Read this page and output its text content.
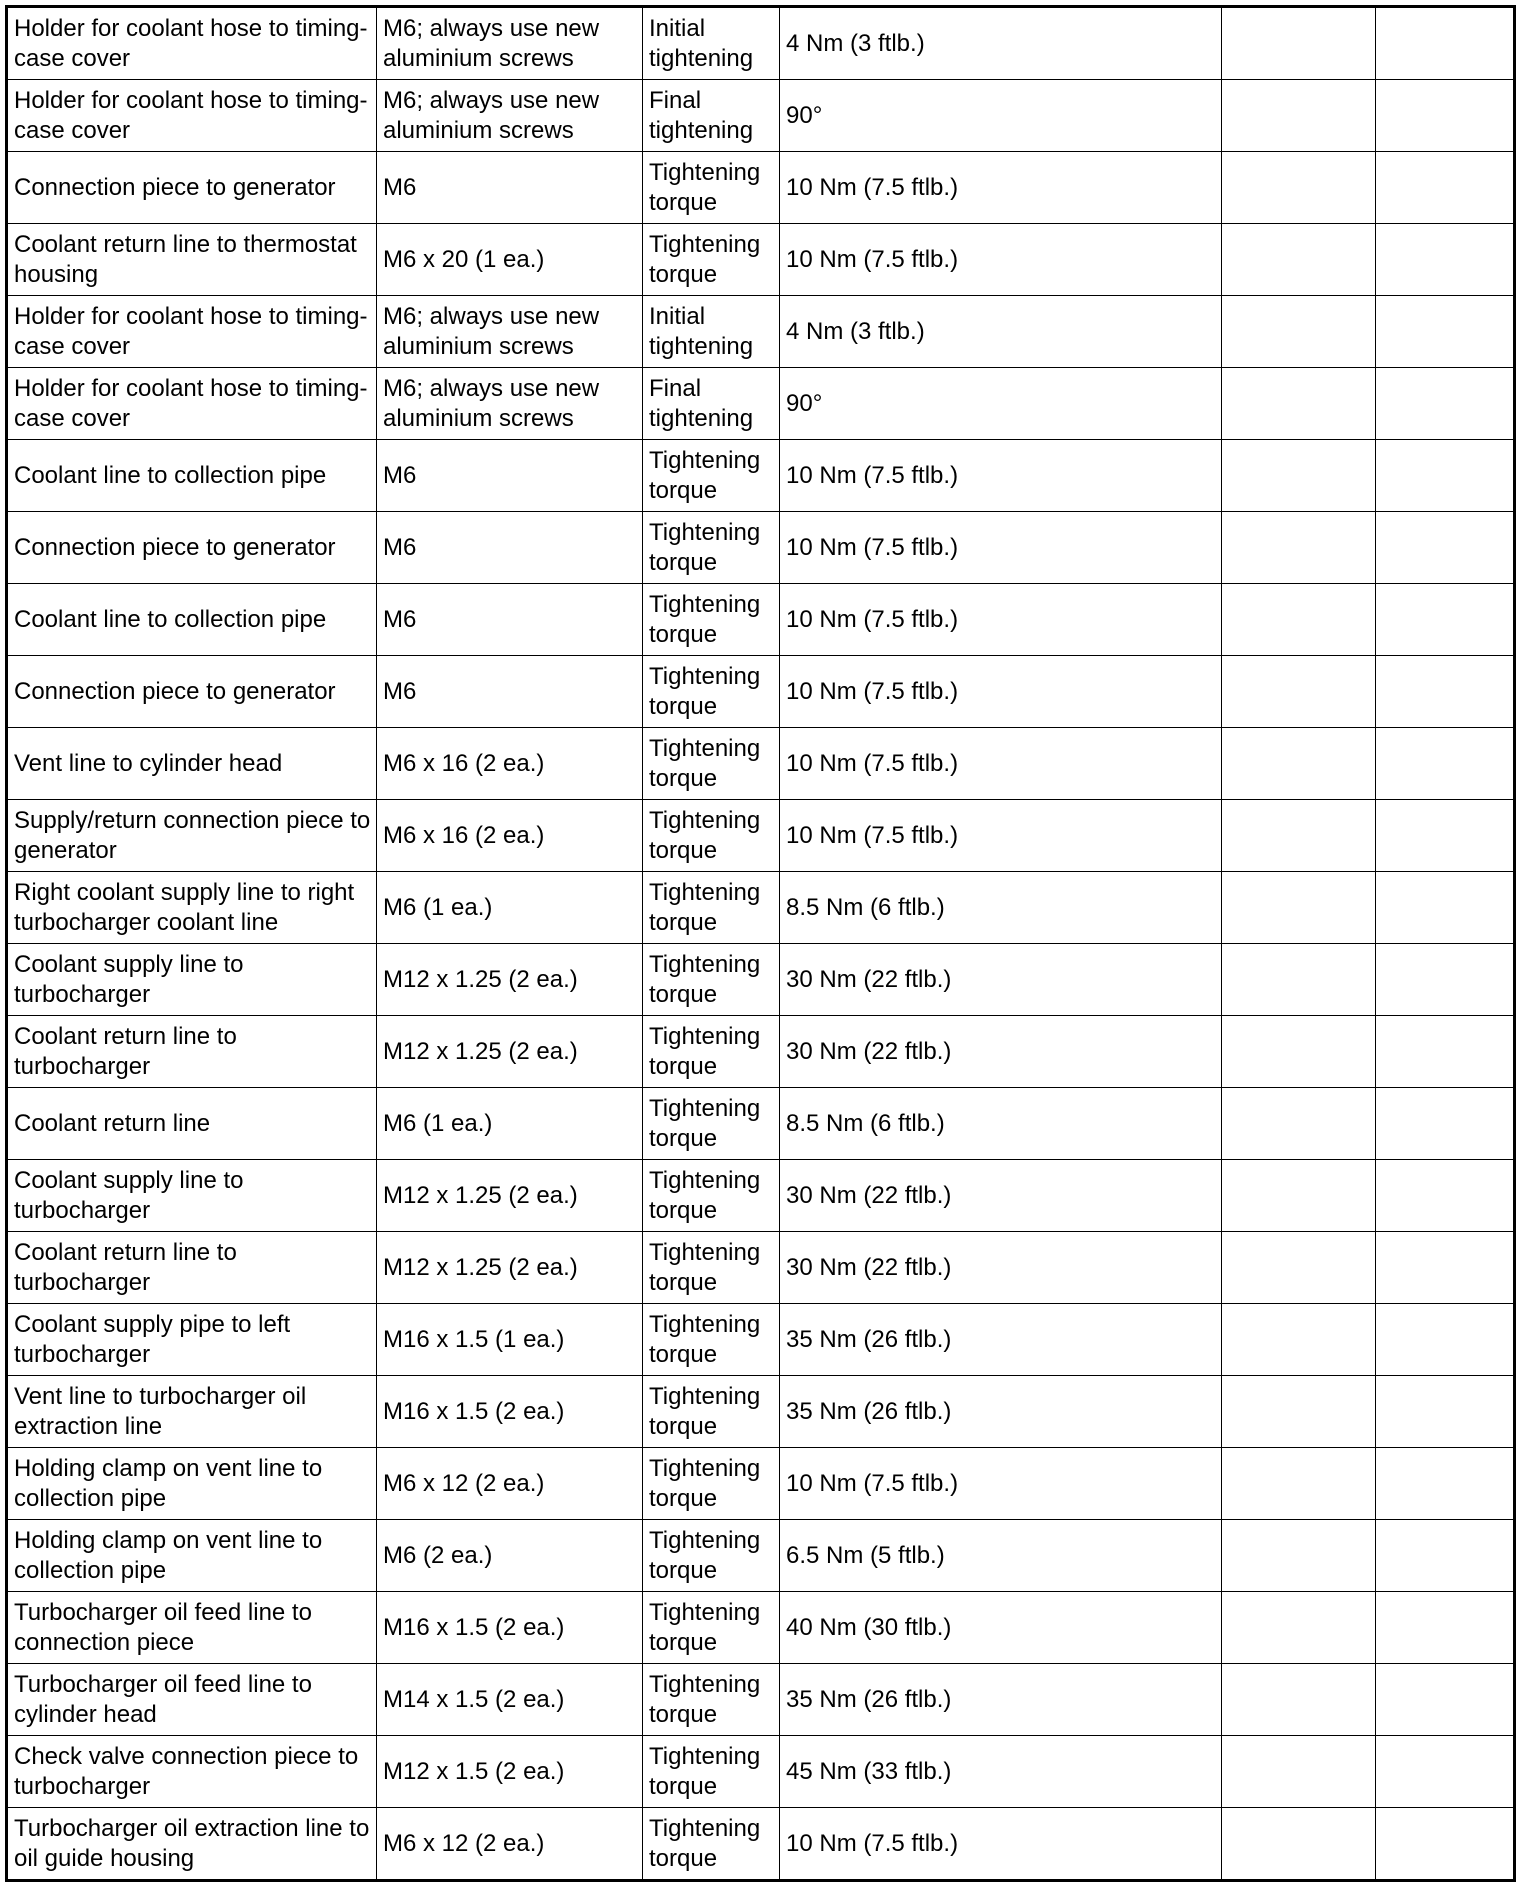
Holder for coolant hose to timing-case cover	M6; always use new aluminium screws	Initial tightening	4 Nm (3 ftlb.)		
Holder for coolant hose to timing-case cover	M6; always use new aluminium screws	Final tightening	90°		
Connection piece to generator	M6	Tightening torque	10 Nm (7.5 ftlb.)		
Coolant return line to thermostat housing	M6 x 20 (1 ea.)	Tightening torque	10 Nm (7.5 ftlb.)		
Holder for coolant hose to timing-case cover	M6; always use new aluminium screws	Initial tightening	4 Nm (3 ftlb.)		
Holder for coolant hose to timing-case cover	M6; always use new aluminium screws	Final tightening	90°		
Coolant line to collection pipe	M6	Tightening torque	10 Nm (7.5 ftlb.)		
Connection piece to generator	M6	Tightening torque	10 Nm (7.5 ftlb.)		
Coolant line to collection pipe	M6	Tightening torque	10 Nm (7.5 ftlb.)		
Connection piece to generator	M6	Tightening torque	10 Nm (7.5 ftlb.)		
Vent line to cylinder head	M6 x 16 (2 ea.)	Tightening torque	10 Nm (7.5 ftlb.)		
Supply/return connection piece to generator	M6 x 16 (2 ea.)	Tightening torque	10 Nm (7.5 ftlb.)		
Right coolant supply line to right turbocharger coolant line	M6 (1 ea.)	Tightening torque	8.5 Nm (6 ftlb.)		
Coolant supply line to turbocharger	M12 x 1.25 (2 ea.)	Tightening torque	30 Nm (22 ftlb.)		
Coolant return line to turbocharger	M12 x 1.25 (2 ea.)	Tightening torque	30 Nm (22 ftlb.)		
Coolant return line	M6 (1 ea.)	Tightening torque	8.5 Nm (6 ftlb.)		
Coolant supply line to turbocharger	M12 x 1.25 (2 ea.)	Tightening torque	30 Nm (22 ftlb.)		
Coolant return line to turbocharger	M12 x 1.25 (2 ea.)	Tightening torque	30 Nm (22 ftlb.)		
Coolant supply pipe to left turbocharger	M16 x 1.5 (1 ea.)	Tightening torque	35 Nm (26 ftlb.)		
Vent line to turbocharger oil extraction line	M16 x 1.5 (2 ea.)	Tightening torque	35 Nm (26 ftlb.)		
Holding clamp on vent line to collection pipe	M6 x 12 (2 ea.)	Tightening torque	10 Nm (7.5 ftlb.)		
Holding clamp on vent line to collection pipe	M6 (2 ea.)	Tightening torque	6.5 Nm (5 ftlb.)		
Turbocharger oil feed line to connection piece	M16 x 1.5 (2 ea.)	Tightening torque	40 Nm (30 ftlb.)		
Turbocharger oil feed line to cylinder head	M14 x 1.5 (2 ea.)	Tightening torque	35 Nm (26 ftlb.)		
Check valve connection piece to turbocharger	M12 x 1.5 (2 ea.)	Tightening torque	45 Nm (33 ftlb.)		
Turbocharger oil extraction line to oil guide housing	M6 x 12 (2 ea.)	Tightening torque	10 Nm (7.5 ftlb.)		
